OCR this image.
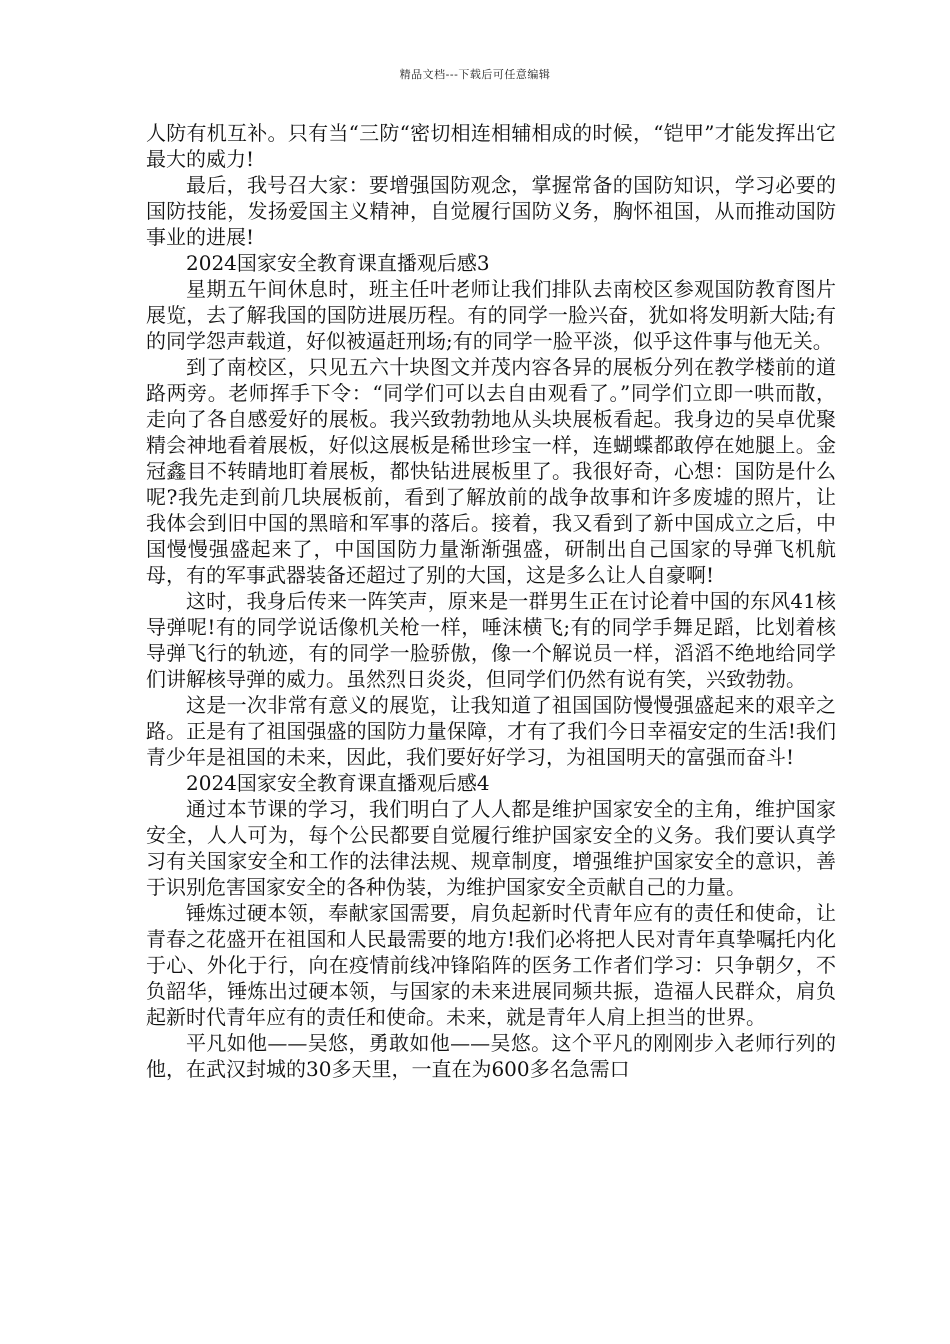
精品文档---下载后可任意编辑

人防有机互补。只有当“三防“密切相连相辅相成的时候，“铠甲”才能发挥出它最大的威力!

最后，我号召大家：要增强国防观念，掌握常备的国防知识，学习必要的国防技能，发扬爱国主义精神，自觉履行国防义务，胸怀祖国，从而推动国防事业的进展!

2024国家安全教育课直播观后感3

星期五午间休息时，班主任叶老师让我们排队去南校区参观国防教育图片展览，去了解我国的国防进展历程。有的同学一脸兴奋，犹如将发明新大陆;有的同学怨声载道，好似被逼赶刑场;有的同学一脸平淡，似乎这件事与他无关。

到了南校区，只见五六十块图文并茂内容各异的展板分列在教学楼前的道路两旁。老师挥手下令：“同学们可以去自由观看了。”同学们立即一哄而散，走向了各自感爱好的展板。我兴致勃勃地从头块展板看起。我身边的吴卓优聚精会神地看着展板，好似这展板是稀世珍宝一样，连蝴蝶都敢停在她腿上。金冠鑫目不转睛地盯着展板，都快钻进展板里了。我很好奇，心想：国防是什么呢?我先走到前几块展板前，看到了解放前的战争故事和许多废墟的照片，让我体会到旧中国的黑暗和军事的落后。接着，我又看到了新中国成立之后，中国慢慢强盛起来了，中国国防力量渐渐强盛，研制出自己国家的导弹飞机航母，有的军事武器装备还超过了别的大国，这是多么让人自豪啊!

这时，我身后传来一阵笑声，原来是一群男生正在讨论着中国的东风41核导弹呢!有的同学说话像机关枪一样，唾沫横飞;有的同学手舞足蹈，比划着核导弹飞行的轨迹，有的同学一脸骄傲，像一个解说员一样，滔滔不绝地给同学们讲解核导弹的威力。虽然烈日炎炎，但同学们仍然有说有笑，兴致勃勃。

这是一次非常有意义的展览，让我知道了祖国国防慢慢强盛起来的艰辛之路。正是有了祖国强盛的国防力量保障，才有了我们今日幸福安定的生活!我们青少年是祖国的未来，因此，我们要好好学习，为祖国明天的富强而奋斗!

2024国家安全教育课直播观后感4

通过本节课的学习，我们明白了人人都是维护国家安全的主角，维护国家安全，人人可为，每个公民都要自觉履行维护国家安全的义务。我们要认真学习有关国家安全和工作的法律法规、规章制度，增强维护国家安全的意识，善于识别危害国家安全的各种伪装，为维护国家安全贡献自己的力量。

锤炼过硬本领，奉献家国需要，肩负起新时代青年应有的责任和使命，让青春之花盛开在祖国和人民最需要的地方!我们必将把人民对青年真挚嘱托内化于心、外化于行，向在疫情前线冲锋陷阵的医务工作者们学习：只争朝夕，不负韶华，锤炼出过硬本领，与国家的未来进展同频共振，造福人民群众，肩负起新时代青年应有的责任和使命。未来，就是青年人肩上担当的世界。

平凡如他——吴悠，勇敢如他——吴悠。这个平凡的刚刚步入老师行列的他，在武汉封城的30多天里，一直在为600多名急需口
